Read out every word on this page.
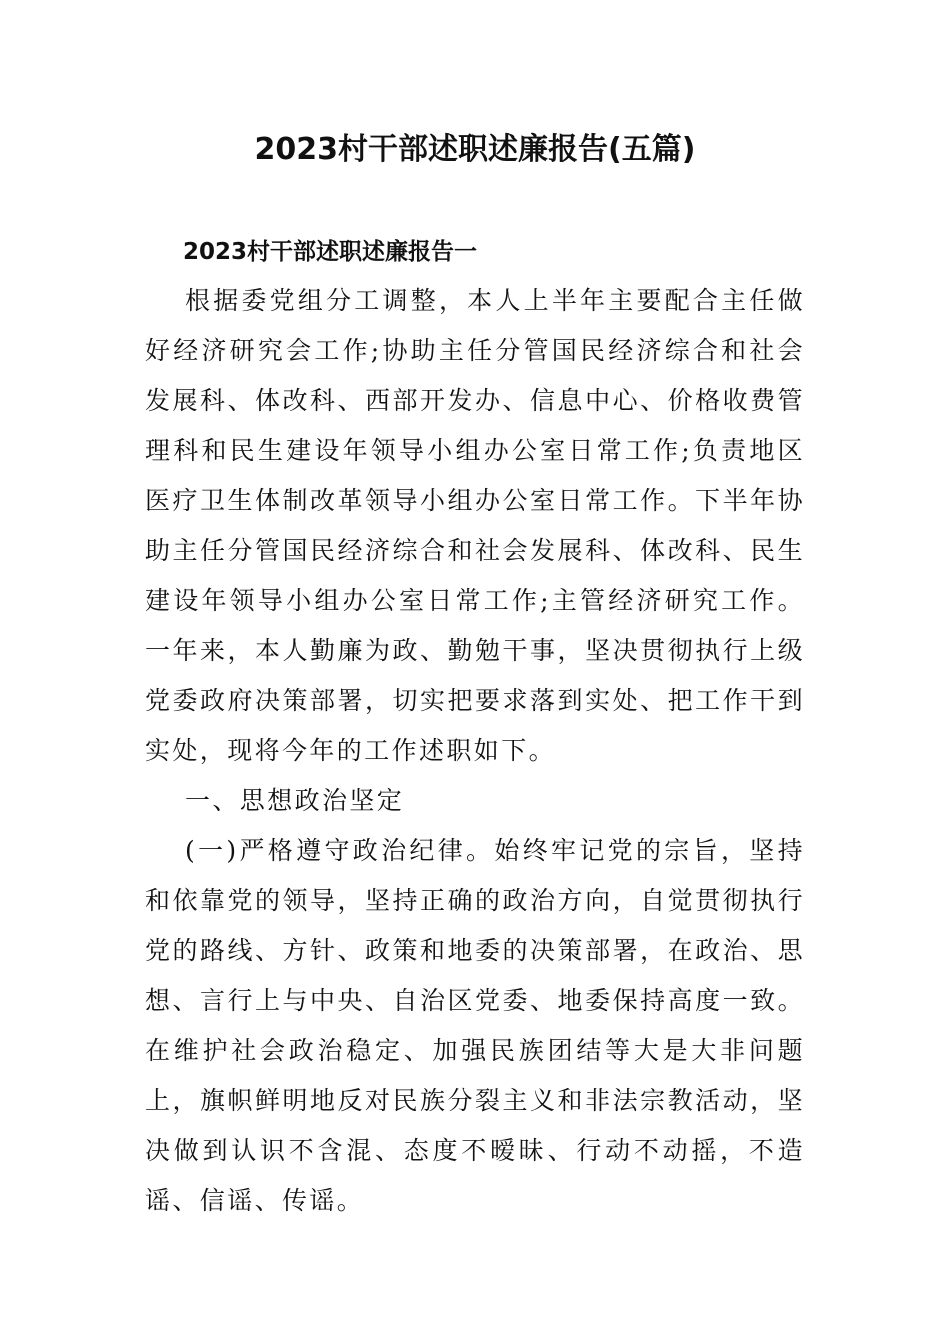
2023村干部述职述廉报告(五篇)
2023村干部述职述廉报告一

根据委党组分工调整，本人上半年主要配合主任做好经济研究会工作;协助主任分管国民经济综合和社会发展科、体改科、西部开发办、信息中心、价格收费管理科和民生建设年领导小组办公室日常工作;负责地区医疗卫生体制改革领导小组办公室日常工作。下半年协助主任分管国民经济综合和社会发展科、体改科、民生建设年领导小组办公室日常工作;主管经济研究工作。一年来，本人勤廉为政、勤勉干事，坚决贯彻执行上级党委政府决策部署，切实把要求落到实处、把工作干到实处，现将今年的工作述职如下。

一、思想政治坚定

(一)严格遵守政治纪律。始终牢记党的宗旨，坚持和依靠党的领导，坚持正确的政治方向，自觉贯彻执行党的路线、方针、政策和地委的决策部署，在政治、思想、言行上与中央、自治区党委、地委保持高度一致。在维护社会政治稳定、加强民族团结等大是大非问题上，旗帜鲜明地反对民族分裂主义和非法宗教活动，坚决做到认识不含混、态度不暧昧、行动不动摇，不造谣、信谣、传谣。
